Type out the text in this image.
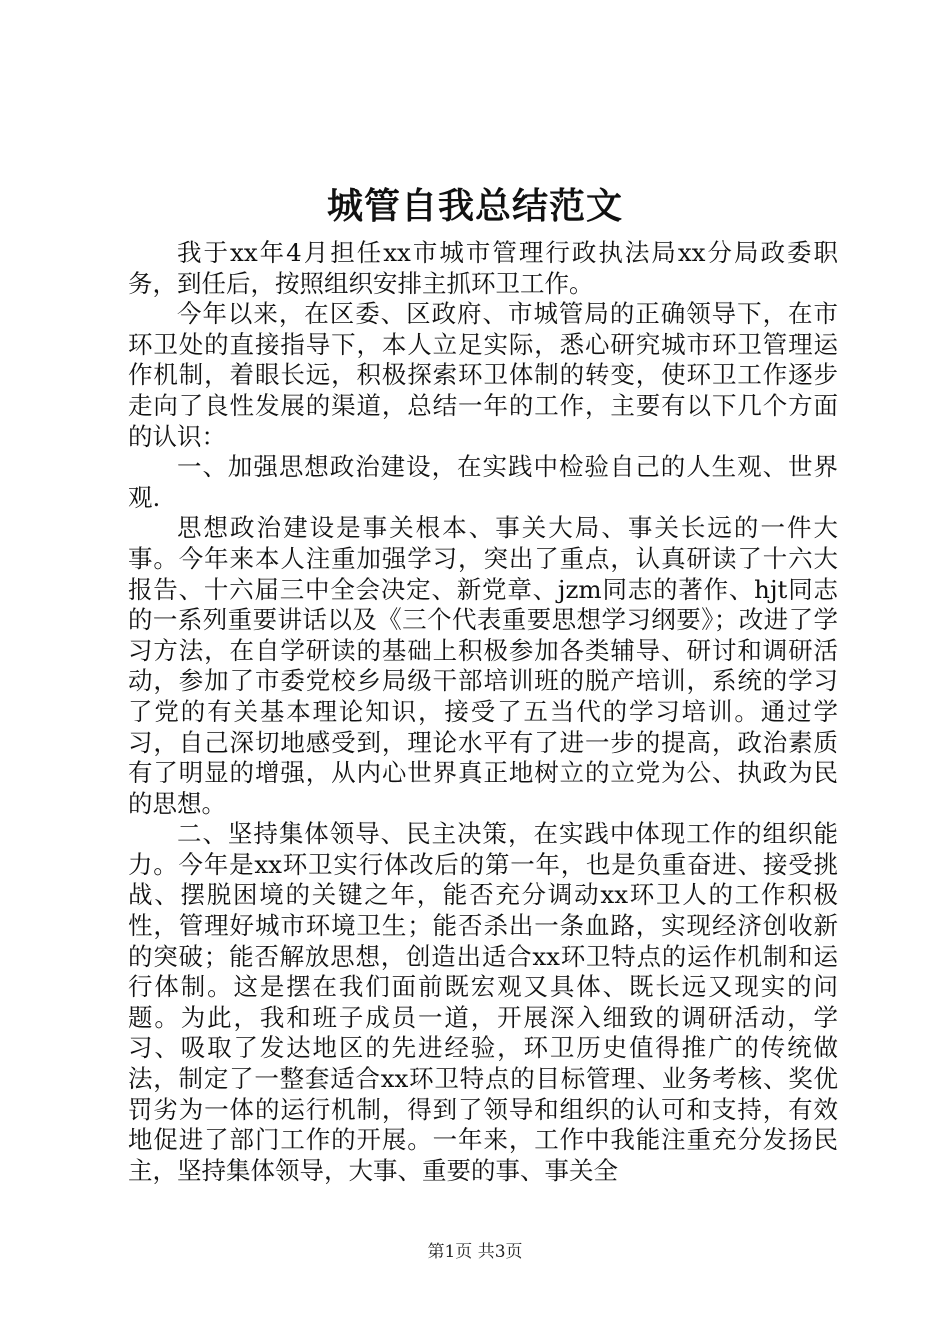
城管自我总结范文

我于xx年4月担任xx市城市管理行政执法局xx分局政委职务，到任后，按照组织安排主抓环卫工作。

今年以来，在区委、区政府、市城管局的正确领导下，在市环卫处的直接指导下，本人立足实际，悉心研究城市环卫管理运作机制，着眼长远，积极探索环卫体制的转变，使环卫工作逐步走向了良性发展的渠道，总结一年的工作，主要有以下几个方面的认识：

一、加强思想政治建设，在实践中检验自己的人生观、世界观.

思想政治建设是事关根本、事关大局、事关长远的一件大事。今年来本人注重加强学习，突出了重点，认真研读了十六大报告、十六届三中全会决定、新党章、jzm同志的著作、hjt同志的一系列重要讲话以及《三个代表重要思想学习纲要》；改进了学习方法，在自学研读的基础上积极参加各类辅导、研讨和调研活动，参加了市委党校乡局级干部培训班的脱产培训，系统的学习了党的有关基本理论知识，接受了五当代的学习培训。通过学习，自己深切地感受到，理论水平有了进一步的提高，政治素质有了明显的增强，从内心世界真正地树立的立党为公、执政为民的思想。

二、坚持集体领导、民主决策，在实践中体现工作的组织能力。今年是xx环卫实行体改后的第一年，也是负重奋进、接受挑战、摆脱困境的关键之年，能否充分调动xx环卫人的工作积极性，管理好城市环境卫生；能否杀出一条血路，实现经济创收新的突破；能否解放思想，创造出适合xx环卫特点的运作机制和运行体制。这是摆在我们面前既宏观又具体、既长远又现实的问题。为此，我和班子成员一道，开展深入细致的调研活动，学习、吸取了发达地区的先进经验，环卫历史值得推广的传统做法，制定了一整套适合xx环卫特点的目标管理、业务考核、奖优罚劣为一体的运行机制，得到了领导和组织的认可和支持，有效地促进了部门工作的开展。一年来，工作中我能注重充分发扬民主，坚持集体领导，大事、重要的事、事关全

第1页 共3页
